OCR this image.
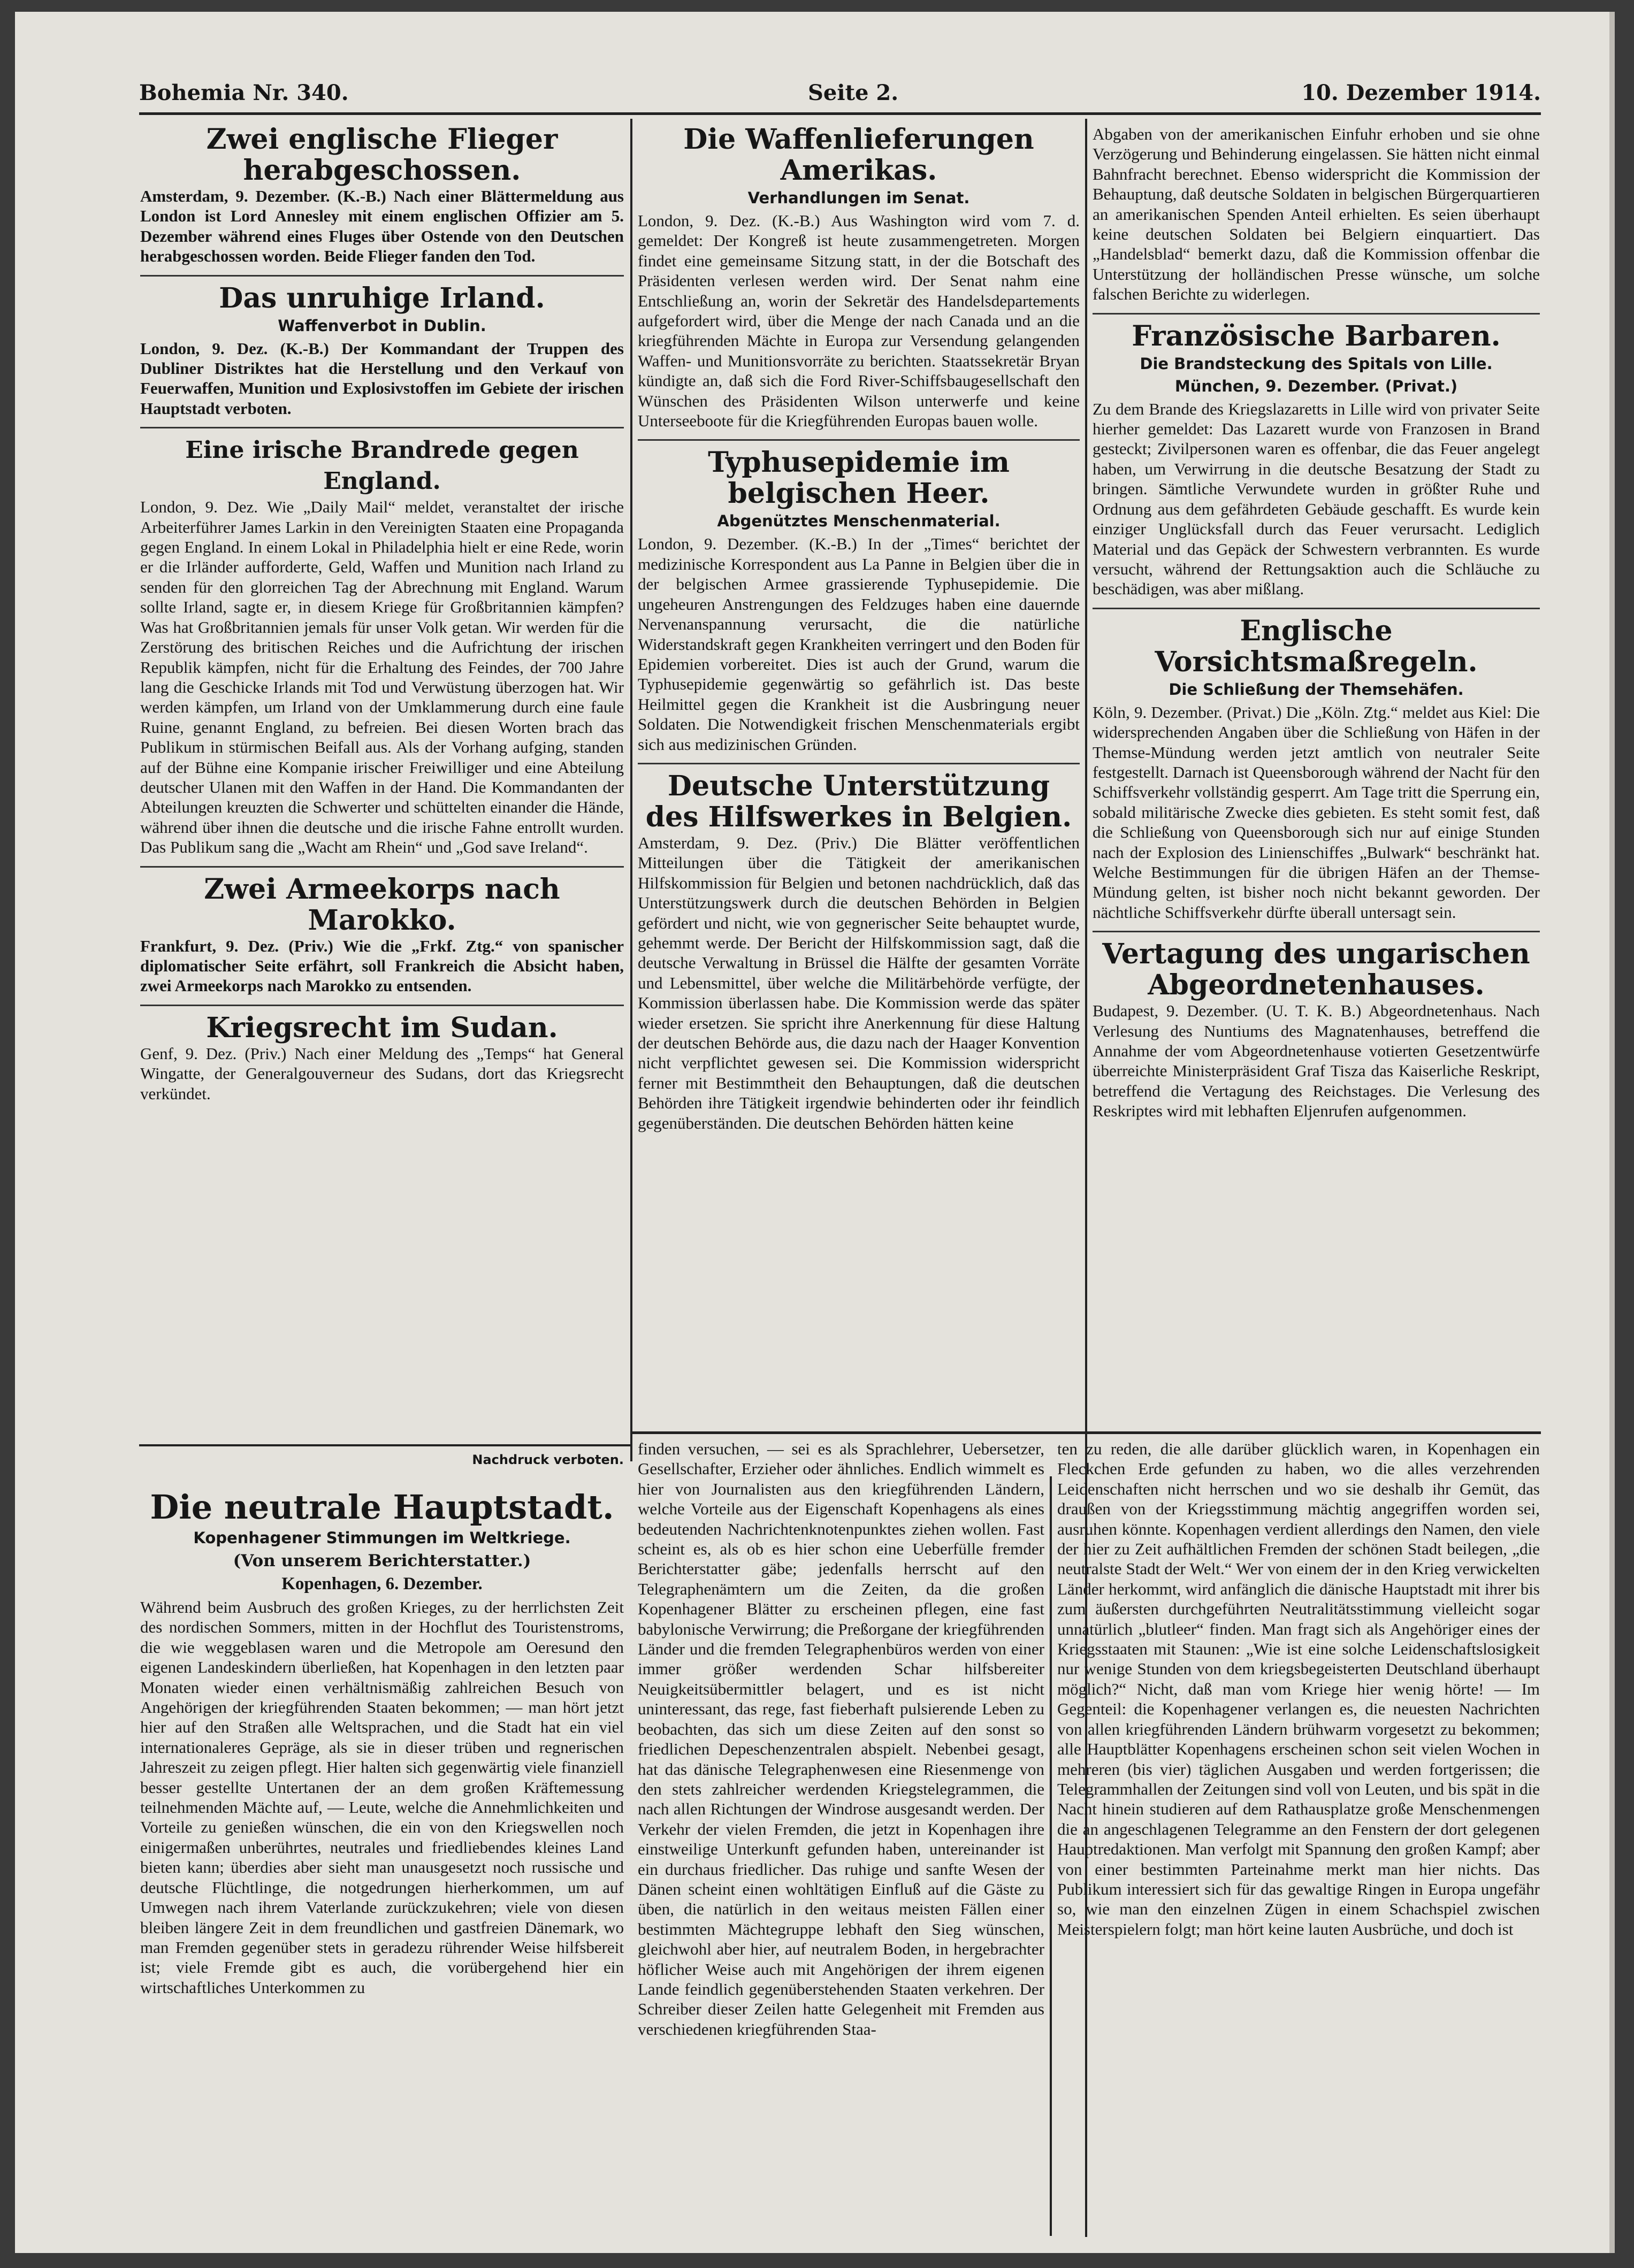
Bohemia Nr. 340.	Seite 2.	10. Dezember 1914.
Zwei englische Flieger herabgeschossen.

Amsterdam, 9. Dezember. (K.-B.) Nach einer Blättermeldung aus London ist Lord Annesley mit einem englischen Offizier am 5. Dezember während eines Fluges über Ostende von den Deutschen herabgeschossen worden. Beide Flieger fanden den Tod.

Das unruhige Irland.
Waffenverbot in Dublin.

London, 9. Dez. (K.-B.) Der Kommandant der Truppen des Dubliner Distriktes hat die Herstellung und den Verkauf von Feuerwaffen, Munition und Explosivstoffen im Gebiete der irischen Hauptstadt verboten.

Eine irische Brandrede gegen England.

London, 9. Dez. Wie „Daily Mail“ meldet, veranstaltet der irische Arbeiterführer James Larkin in den Vereinigten Staaten eine Propaganda gegen England. In einem Lokal in Philadelphia hielt er eine Rede, worin er die Irländer aufforderte, Geld, Waffen und Munition nach Irland zu senden für den glorreichen Tag der Abrechnung mit England. Warum sollte Irland, sagte er, in diesem Kriege für Großbritannien kämpfen? Was hat Großbritannien jemals für unser Volk getan. Wir werden für die Zerstörung des britischen Reiches und die Aufrichtung der irischen Republik kämpfen, nicht für die Erhaltung des Feindes, der 700 Jahre lang die Geschicke Irlands mit Tod und Verwüstung überzogen hat. Wir werden kämpfen, um Irland von der Umklammerung durch eine faule Ruine, genannt England, zu befreien. Bei diesen Worten brach das Publikum in stürmischen Beifall aus. Als der Vorhang aufging, standen auf der Bühne eine Kompanie irischer Freiwilliger und eine Abteilung deutscher Ulanen mit den Waffen in der Hand. Die Kommandanten der Abteilungen kreuzten die Schwerter und schüttelten einander die Hände, während über ihnen die deutsche und die irische Fahne entrollt wurden. Das Publikum sang die „Wacht am Rhein“ und „God save Ireland“.

Zwei Armeekorps nach Marokko.

Frankfurt, 9. Dez. (Priv.) Wie die „Frkf. Ztg.“ von spanischer diplomatischer Seite erfährt, soll Frankreich die Absicht haben, zwei Armeekorps nach Marokko zu entsenden.

Kriegsrecht im Sudan.

Genf, 9. Dez. (Priv.) Nach einer Meldung des „Temps“ hat General Wingatte, der Generalgouverneur des Sudans, dort das Kriegsrecht verkündet.

Die Waffenlieferungen Amerikas.
Verhandlungen im Senat.

London, 9. Dez. (K.-B.) Aus Washington wird vom 7. d. gemeldet: Der Kongreß ist heute zusammengetreten. Morgen findet eine gemeinsame Sitzung statt, in der die Botschaft des Präsidenten verlesen werden wird. Der Senat nahm eine Entschließung an, worin der Sekretär des Handelsdepartements aufgefordert wird, über die Menge der nach Canada und an die kriegführenden Mächte in Europa zur Versendung gelangenden Waffen- und Munitionsvorräte zu berichten. Staatssekretär Bryan kündigte an, daß sich die Ford River-Schiffsbaugesellschaft den Wünschen des Präsidenten Wilson unterwerfe und keine Unterseeboote für die Kriegführenden Europas bauen wolle.

Typhusepidemie im belgischen Heer.
Abgenütztes Menschenmaterial.

London, 9. Dezember. (K.-B.) In der „Times“ berichtet der medizinische Korrespondent aus La Panne in Belgien über die in der belgischen Armee grassierende Typhusepidemie. Die ungeheuren Anstrengungen des Feldzuges haben eine dauernde Nervenanspannung verursacht, die die natürliche Widerstandskraft gegen Krankheiten verringert und den Boden für Epidemien vorbereitet. Dies ist auch der Grund, warum die Typhusepidemie gegenwärtig so gefährlich ist. Das beste Heilmittel gegen die Krankheit ist die Ausbringung neuer Soldaten. Die Notwendigkeit frischen Menschenmaterials ergibt sich aus medizinischen Gründen.

Deutsche Unterstützung des Hilfswerkes in Belgien.

Amsterdam, 9. Dez. (Priv.) Die Blätter veröffentlichen Mitteilungen über die Tätigkeit der amerikanischen Hilfskommission für Belgien und betonen nachdrücklich, daß das Unterstützungswerk durch die deutschen Behörden in Belgien gefördert und nicht, wie von gegnerischer Seite behauptet wurde, gehemmt werde. Der Bericht der Hilfskommission sagt, daß die deutsche Verwaltung in Brüssel die Hälfte der gesamten Vorräte und Lebensmittel, über welche die Militärbehörde verfügte, der Kommission überlassen habe. Die Kommission werde das später wieder ersetzen. Sie spricht ihre Anerkennung für diese Haltung der deutschen Behörde aus, die dazu nach der Haager Konvention nicht verpflichtet gewesen sei. Die Kommission widerspricht ferner mit Bestimmtheit den Behauptungen, daß die deutschen Behörden ihre Tätigkeit irgendwie behinderten oder ihr feindlich gegenüberständen. Die deutschen Behörden hätten keine

Abgaben von der amerikanischen Einfuhr erhoben und sie ohne Verzögerung und Behinderung eingelassen. Sie hätten nicht einmal Bahnfracht berechnet. Ebenso widerspricht die Kommission der Behauptung, daß deutsche Soldaten in belgischen Bürgerquartieren an amerikanischen Spenden Anteil erhielten. Es seien überhaupt keine deutschen Soldaten bei Belgiern einquartiert. Das „Handelsblad“ bemerkt dazu, daß die Kommission offenbar die Unterstützung der holländischen Presse wünsche, um solche falschen Berichte zu widerlegen.

Französische Barbaren.
Die Brandsteckung des Spitals von Lille.
München, 9. Dezember. (Privat.)

Zu dem Brande des Kriegslazaretts in Lille wird von privater Seite hierher gemeldet: Das Lazarett wurde von Franzosen in Brand gesteckt; Zivilpersonen waren es offenbar, die das Feuer angelegt haben, um Verwirrung in die deutsche Besatzung der Stadt zu bringen. Sämtliche Verwundete wurden in größter Ruhe und Ordnung aus dem gefährdeten Gebäude geschafft. Es wurde kein einziger Unglücksfall durch das Feuer verursacht. Lediglich Material und das Gepäck der Schwestern verbrannten. Es wurde versucht, während der Rettungsaktion auch die Schläuche zu beschädigen, was aber mißlang.

Englische Vorsichtsmaßregeln.
Die Schließung der Themsehäfen.

Köln, 9. Dezember. (Privat.) Die „Köln. Ztg.“ meldet aus Kiel: Die widersprechenden Angaben über die Schließung von Häfen in der Themse-Mündung werden jetzt amtlich von neutraler Seite festgestellt. Darnach ist Queensborough während der Nacht für den Schiffsverkehr vollständig gesperrt. Am Tage tritt die Sperrung ein, sobald militärische Zwecke dies gebieten. Es steht somit fest, daß die Schließung von Queensborough sich nur auf einige Stunden nach der Explosion des Linienschiffes „Bulwark“ beschränkt hat. Welche Bestimmungen für die übrigen Häfen an der Themse-Mündung gelten, ist bisher noch nicht bekannt geworden. Der nächtliche Schiffsverkehr dürfte überall untersagt sein.

Vertagung des ungarischen Abgeordnetenhauses.

Budapest, 9. Dezember. (U. T. K. B.) Abgeordnetenhaus. Nach Verlesung des Nuntiums des Magnatenhauses, betreffend die Annahme der vom Abgeordnetenhause votierten Gesetzentwürfe überreichte Ministerpräsident Graf Tisza das Kaiserliche Reskript, betreffend die Vertagung des Reichstages. Die Verlesung des Reskriptes wird mit lebhaften Eljenrufen aufgenommen.

Nachdruck verboten.
Die neutrale Hauptstadt.
Kopenhagener Stimmungen im Weltkriege.
(Von unserem Berichterstatter.)
Kopenhagen, 6. Dezember.

Während beim Ausbruch des großen Krieges, zu der herrlichsten Zeit des nordischen Sommers, mitten in der Hochflut des Touristenstroms, die wie weggeblasen waren und die Metropole am Oeresund den eigenen Landeskindern überließen, hat Kopenhagen in den letzten paar Monaten wieder einen verhältnismäßig zahlreichen Besuch von Angehörigen der kriegführenden Staaten bekommen; — man hört jetzt hier auf den Straßen alle Weltsprachen, und die Stadt hat ein viel internationaleres Gepräge, als sie in dieser trüben und regnerischen Jahreszeit zu zeigen pflegt. Hier halten sich gegenwärtig viele finanziell besser gestellte Untertanen der an dem großen Kräftemessung teilnehmenden Mächte auf, — Leute, welche die Annehmlichkeiten und Vorteile zu genießen wünschen, die ein von den Kriegswellen noch einigermaßen unberührtes, neutrales und friedliebendes kleines Land bieten kann; überdies aber sieht man unausgesetzt noch russische und deutsche Flüchtlinge, die notgedrungen hierherkommen, um auf Umwegen nach ihrem Vaterlande zurückzukehren; viele von diesen bleiben längere Zeit in dem freundlichen und gastfreien Dänemark, wo man Fremden gegenüber stets in geradezu rührender Weise hilfsbereit ist; viele Fremde gibt es auch, die vorübergehend hier ein wirtschaftliches Unterkommen zu

finden versuchen, — sei es als Sprachlehrer, Uebersetzer, Gesellschafter, Erzieher oder ähnliches. Endlich wimmelt es hier von Journalisten aus den kriegführenden Ländern, welche Vorteile aus der Eigenschaft Kopenhagens als eines bedeutenden Nachrichtenknotenpunktes ziehen wollen. Fast scheint es, als ob es hier schon eine Ueberfülle fremder Berichterstatter gäbe; jedenfalls herrscht auf den Telegraphenämtern um die Zeiten, da die großen Kopenhagener Blätter zu erscheinen pflegen, eine fast babylonische Verwirrung; die Preßorgane der kriegführenden Länder und die fremden Telegraphenbüros werden von einer immer größer werdenden Schar hilfsbereiter Neuigkeitsübermittler belagert, und es ist nicht uninteressant, das rege, fast fieberhaft pulsierende Leben zu beobachten, das sich um diese Zeiten auf den sonst so friedlichen Depeschenzentralen abspielt. Nebenbei gesagt, hat das dänische Telegraphenwesen eine Riesenmenge von den stets zahlreicher werdenden Kriegstelegrammen, die nach allen Richtungen der Windrose ausgesandt werden. Der Verkehr der vielen Fremden, die jetzt in Kopenhagen ihre einstweilige Unterkunft gefunden haben, untereinander ist ein durchaus friedlicher. Das ruhige und sanfte Wesen der Dänen scheint einen wohltätigen Einfluß auf die Gäste zu üben, die natürlich in den weitaus meisten Fällen einer bestimmten Mächtegruppe lebhaft den Sieg wünschen, gleichwohl aber hier, auf neutralem Boden, in hergebrachter höflicher Weise auch mit Angehörigen der ihrem eigenen Lande feindlich gegenüberstehenden Staaten verkehren. Der Schreiber dieser Zeilen hatte Gelegenheit mit Fremden aus verschiedenen kriegführenden Staa-

ten zu reden, die alle darüber glücklich waren, in Kopenhagen ein Fleckchen Erde gefunden zu haben, wo die alles verzehrenden Leidenschaften nicht herrschen und wo sie deshalb ihr Gemüt, das draußen von der Kriegsstimmung mächtig angegriffen worden sei, ausruhen könnte. Kopenhagen verdient allerdings den Namen, den viele der hier zu Zeit aufhältlichen Fremden der schönen Stadt beilegen, „die neutralste Stadt der Welt.“ Wer von einem der in den Krieg verwickelten Länder herkommt, wird anfänglich die dänische Hauptstadt mit ihrer bis zum äußersten durchgeführten Neutralitätsstimmung vielleicht sogar unnatürlich „blutleer“ finden. Man fragt sich als Angehöriger eines der Kriegsstaaten mit Staunen: „Wie ist eine solche Leidenschaftslosigkeit nur wenige Stunden von dem kriegsbegeisterten Deutschland überhaupt möglich?“ Nicht, daß man vom Kriege hier wenig hörte! — Im Gegenteil: die Kopenhagener verlangen es, die neuesten Nachrichten von allen kriegführenden Ländern brühwarm vorgesetzt zu bekommen; alle Hauptblätter Kopenhagens erscheinen schon seit vielen Wochen in mehreren (bis vier) täglichen Ausgaben und werden fortgerissen; die Telegrammhallen der Zeitungen sind voll von Leuten, und bis spät in die Nacht hinein studieren auf dem Rathausplatze große Menschenmengen die an angeschlagenen Telegramme an den Fenstern der dort gelegenen Hauptredaktionen. Man verfolgt mit Spannung den großen Kampf; aber von einer bestimmten Parteinahme merkt man hier nichts. Das Publikum interessiert sich für das gewaltige Ringen in Europa ungefähr so, wie man den einzelnen Zügen in einem Schachspiel zwischen Meisterspielern folgt; man hört keine lauten Ausbrüche, und doch ist
